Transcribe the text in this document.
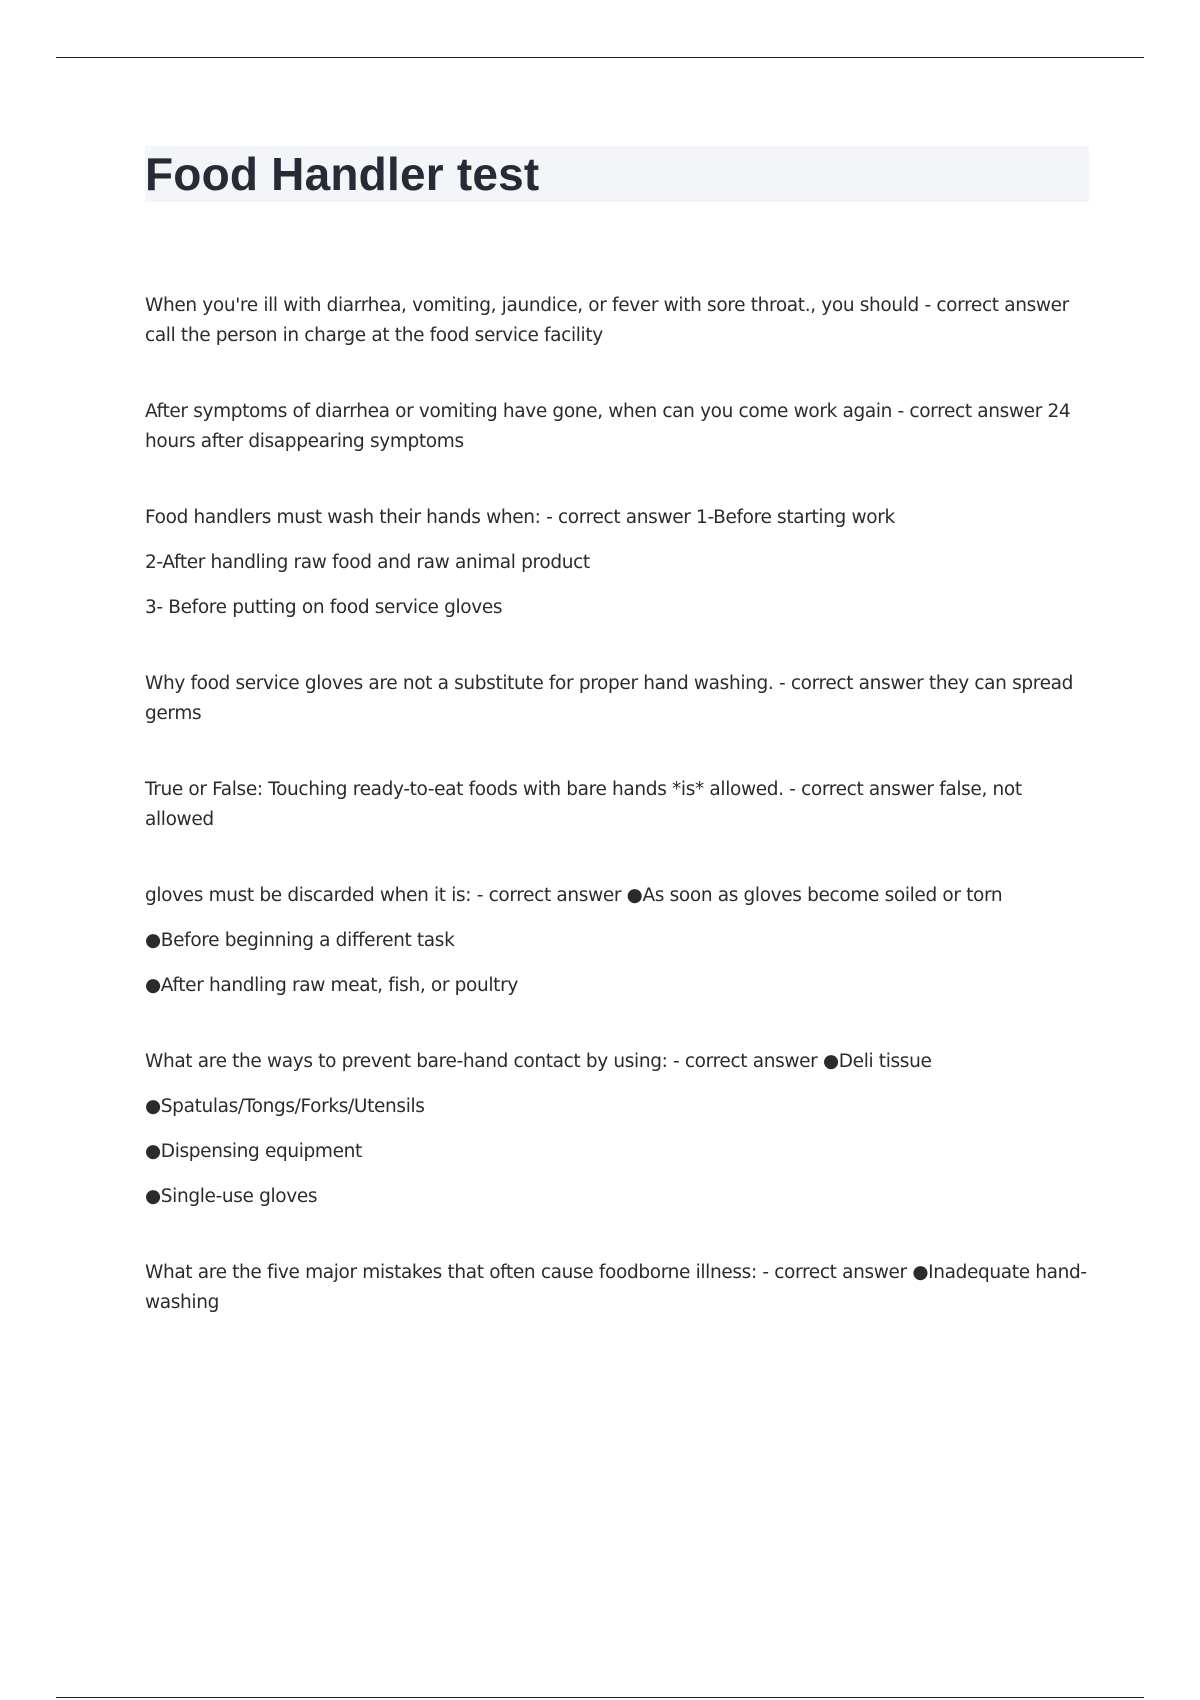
Food Handler test

When you're ill with diarrhea, vomiting, jaundice, or fever with sore throat., you should - correct answer call the person in charge at the food service facility

After symptoms of diarrhea or vomiting have gone, when can you come work again - correct answer 24 hours after disappearing symptoms

Food handlers must wash their hands when: - correct answer 1-Before starting work

2-After handling raw food and raw animal product

3- Before putting on food service gloves

Why food service gloves are not a substitute for proper hand washing. - correct answer they can spread germs

True or False: Touching ready-to-eat foods with bare hands *is* allowed. - correct answer false, not allowed

gloves must be discarded when it is: - correct answer ●As soon as gloves become soiled or torn

●Before beginning a different task

●After handling raw meat, fish, or poultry

What are the ways to prevent bare-hand contact by using: - correct answer ●Deli tissue

●Spatulas/Tongs/Forks/Utensils

●Dispensing equipment

●Single-use gloves

What are the five major mistakes that often cause foodborne illness: - correct answer ●Inadequate hand-washing
